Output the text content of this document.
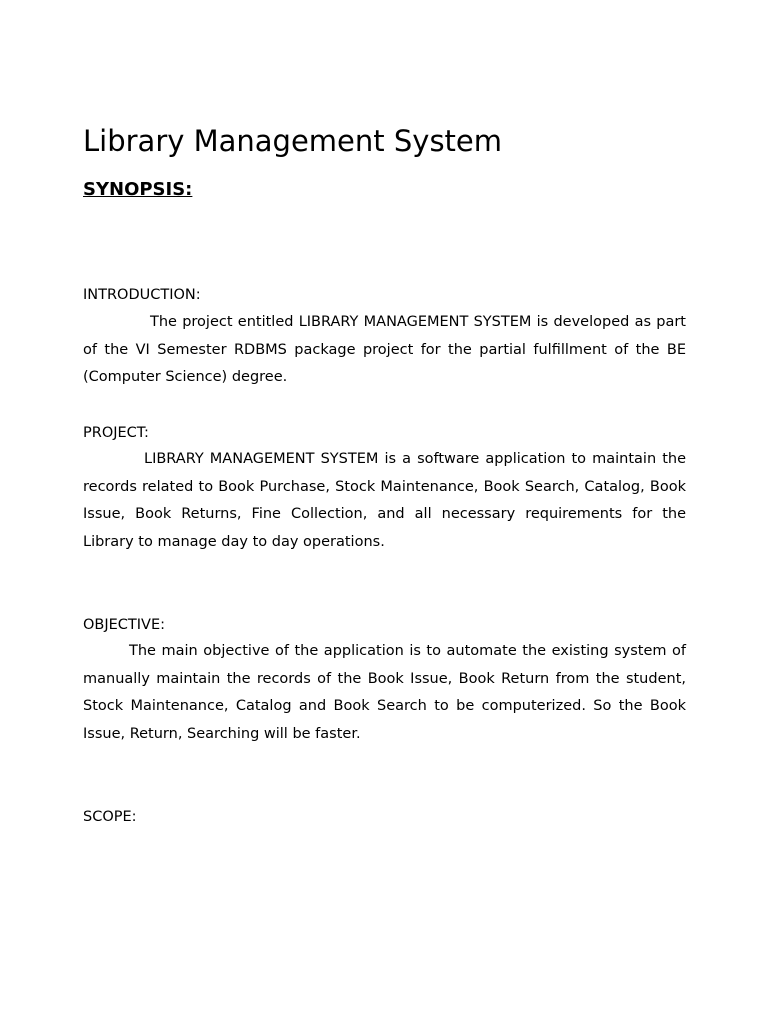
Library Management System
SYNOPSIS:
INTRODUCTION:

The project entitled LIBRARY MANAGEMENT SYSTEM is developed as part of the VI Semester RDBMS package project for the partial fulfillment of the BE (Computer Science) degree.

PROJECT:

LIBRARY MANAGEMENT SYSTEM is a software application to maintain the records related to Book Purchase, Stock Maintenance, Book Search, Catalog, Book Issue, Book Returns, Fine Collection, and all necessary requirements for the Library to manage day to day operations.

OBJECTIVE:

The main objective of the application is to automate the existing system of manually maintain the records of the Book Issue, Book Return from the student, Stock Maintenance, Catalog and Book Search to be computerized. So the Book Issue, Return, Searching will be faster.

SCOPE:
